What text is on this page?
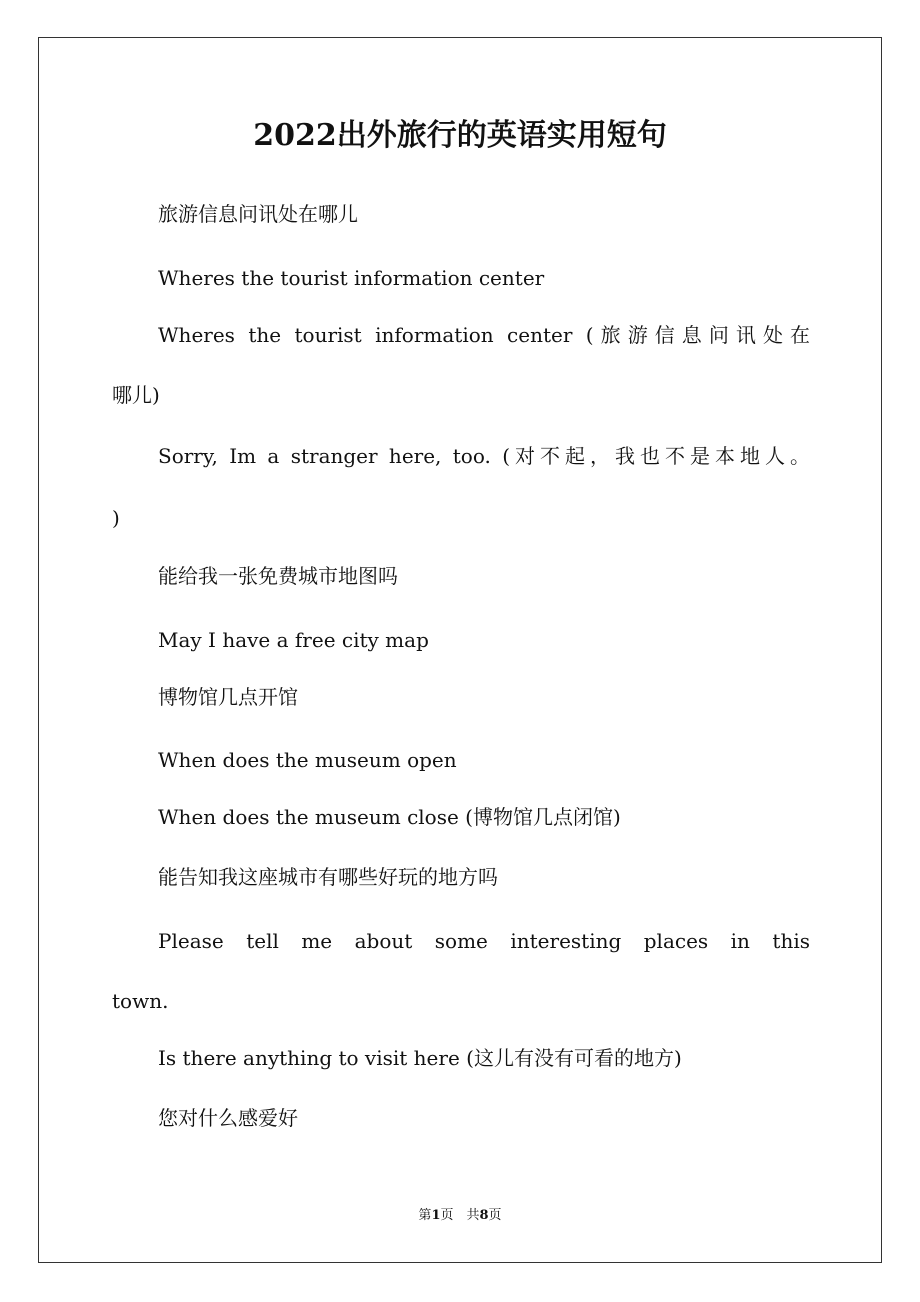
2022出外旅行的英语实用短句
旅游信息问讯处在哪儿
Wheres the tourist information center
Wheres the tourist information center (旅游信息问讯处在
哪儿)
Sorry, Im a stranger here, too. (对不起，我也不是本地人。
)
能给我一张免费城市地图吗
May I have a free city map
博物馆几点开馆
When does the museum open
When does the museum close (博物馆几点闭馆)
能告知我这座城市有哪些好玩的地方吗
Please tell me about some interesting places in this
town.
Is there anything to visit here (这儿有没有可看的地方)
您对什么感爱好
第1页　共8页
